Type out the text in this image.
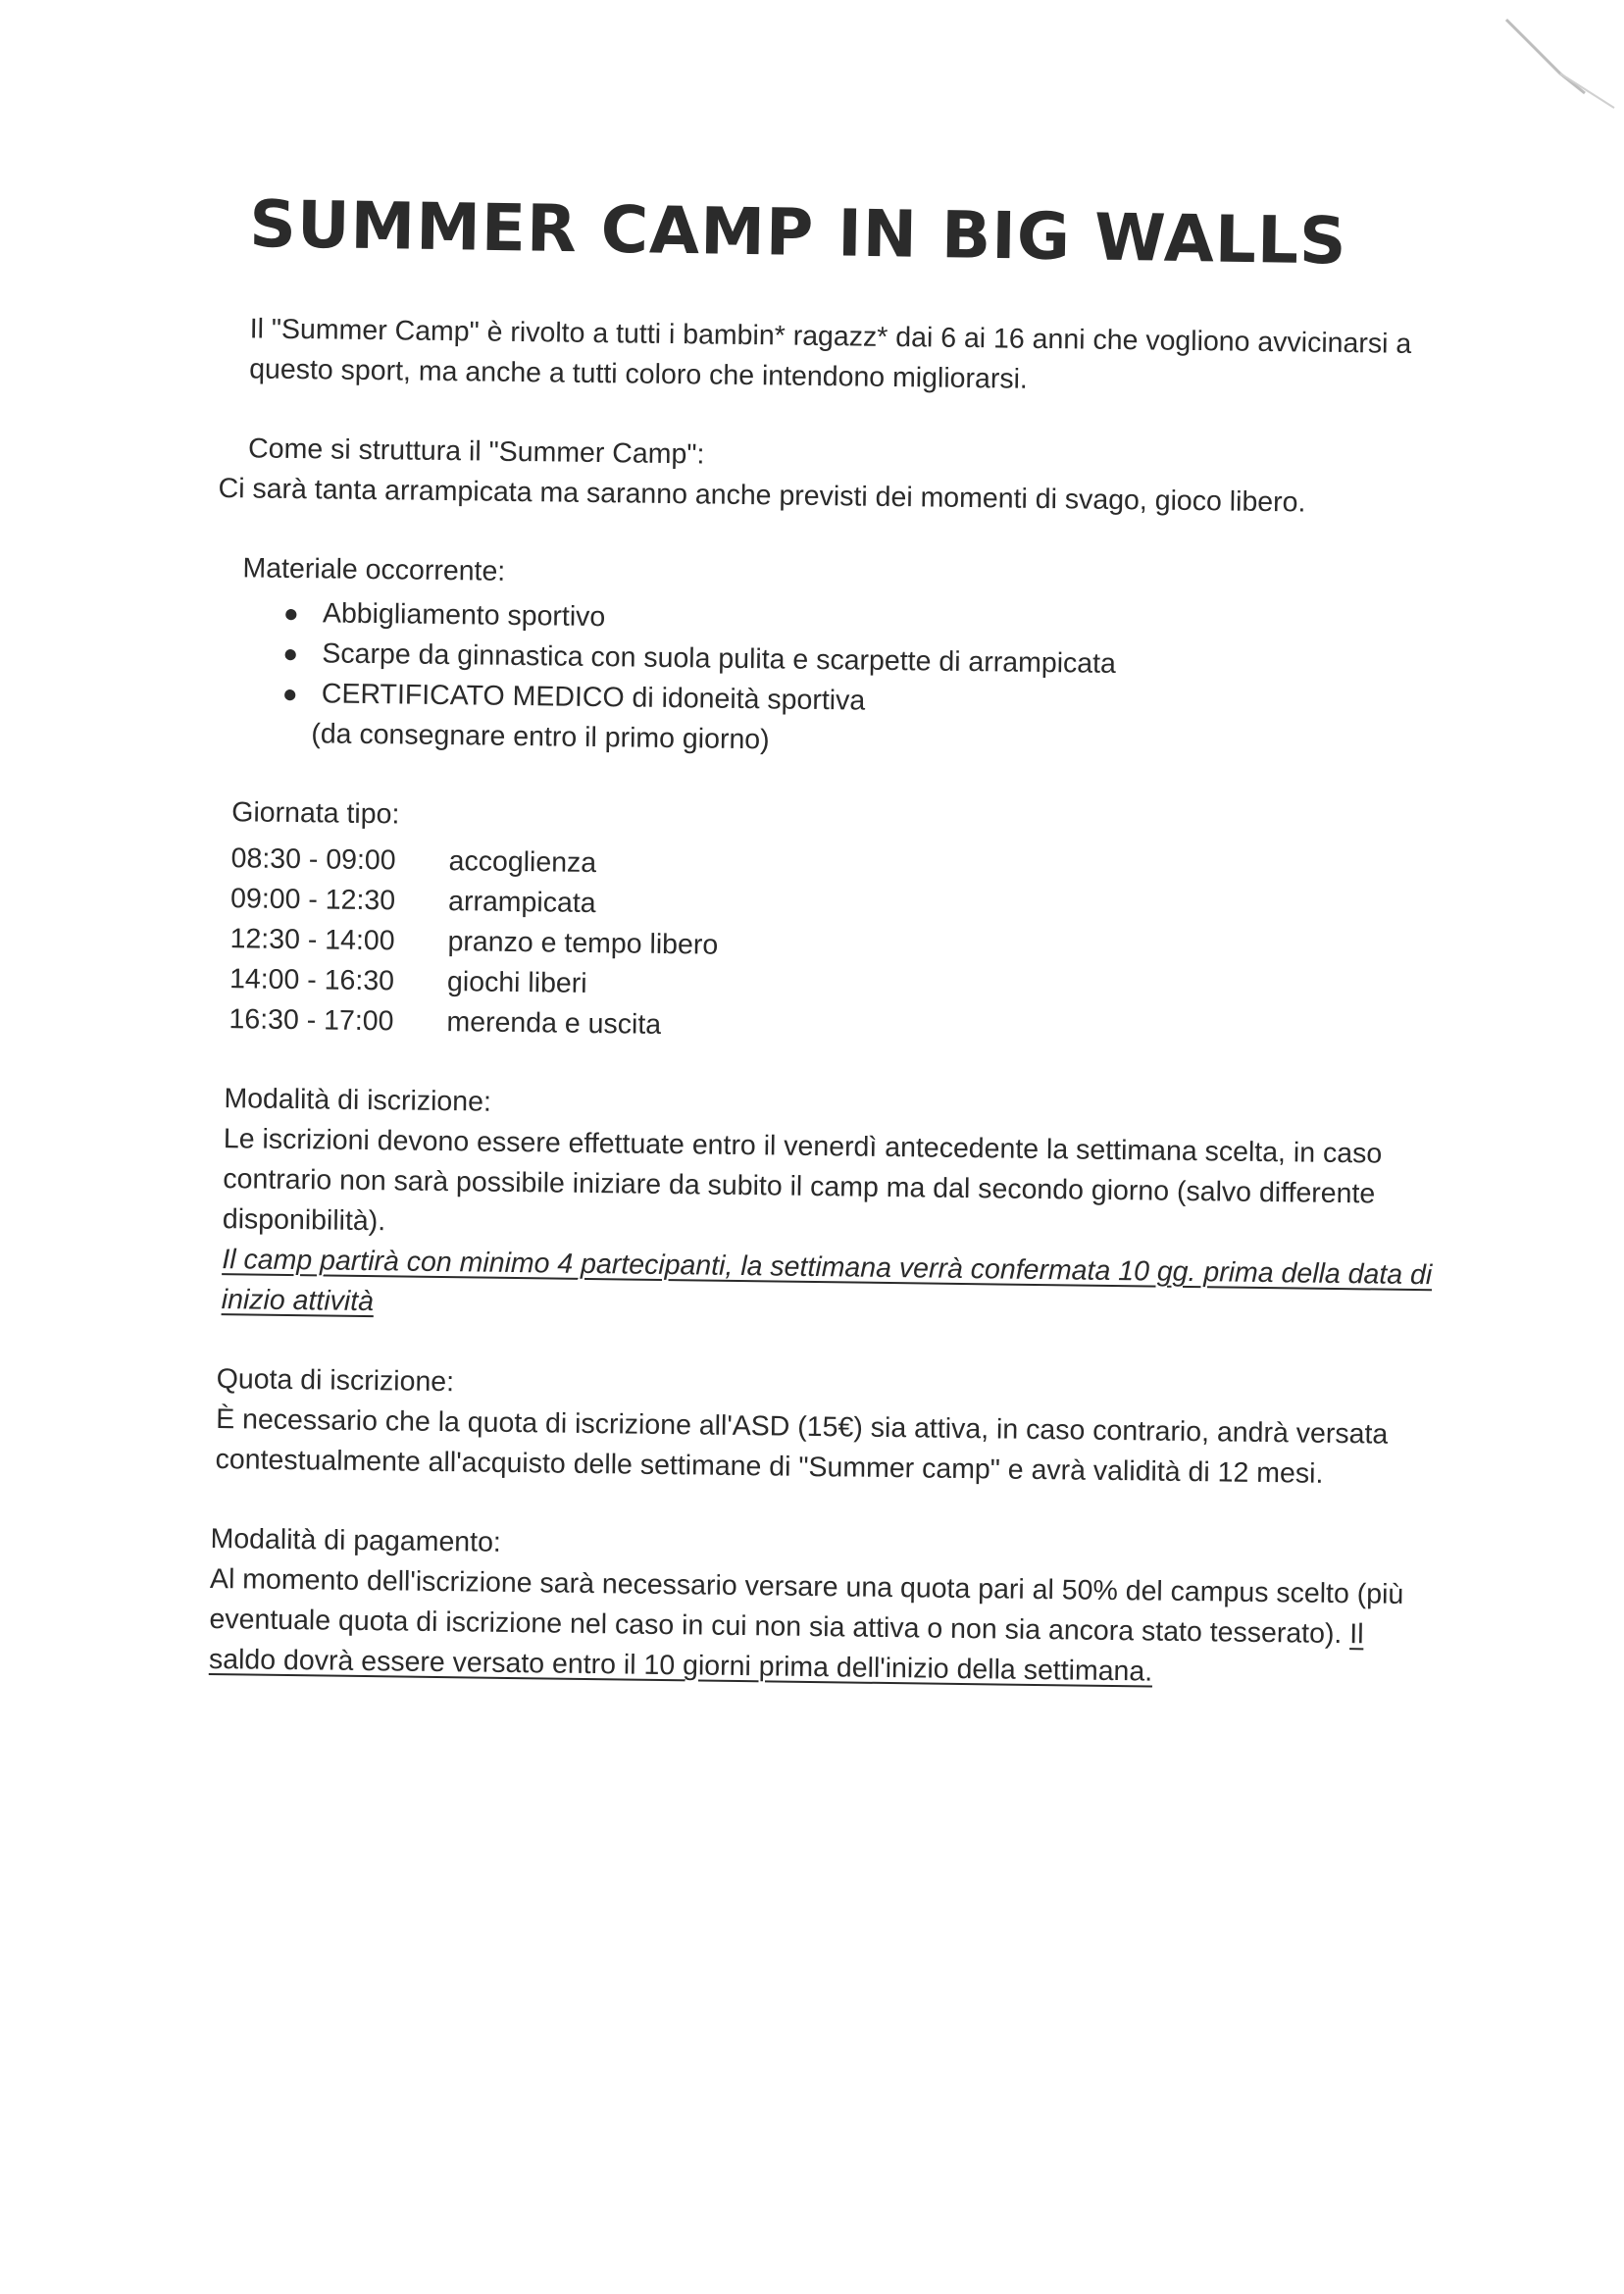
SUMMER CAMP IN BIG WALLS

Il "Summer Camp" è rivolto a tutti i bambin* ragazz* dai 6 ai 16 anni che vogliono avvicinarsi a questo sport, ma anche a tutti coloro che intendono migliorarsi.

Come si struttura il "Summer Camp":

Ci sarà tanta arrampicata ma saranno anche previsti dei momenti di svago, gioco libero.

Materiale occorrente:

● Abbigliamento sportivo
● Scarpe da ginnastica con suola pulita e scarpette di arrampicata
● CERTIFICATO MEDICO di idoneità sportiva
(da consegnare entro il primo giorno)

Giornata tipo:

08:30 - 09:00	accoglienza
09:00 - 12:30	arrampicata
12:30 - 14:00	pranzo e tempo libero
14:00 - 16:30	giochi liberi
16:30 - 17:00	merenda e uscita

Modalità di iscrizione:

Le iscrizioni devono essere effettuate entro il venerdì antecedente la settimana scelta, in caso contrario non sarà possibile iniziare da subito il camp ma dal secondo giorno (salvo differente disponibilità).

Il camp partirà con minimo 4 partecipanti, la settimana verrà confermata 10 gg. prima della data di inizio attività

Quota di iscrizione:

È necessario che la quota di iscrizione all'ASD (15€) sia attiva, in caso contrario, andrà versata contestualmente all'acquisto delle settimane di "Summer camp" e avrà validità di 12 mesi.

Modalità di pagamento:

Al momento dell'iscrizione sarà necessario versare una quota pari al 50% del campus scelto (più eventuale quota di iscrizione nel caso in cui non sia attiva o non sia ancora stato tesserato). Il saldo dovrà essere versato entro il 10 giorni prima dell'inizio della settimana.
